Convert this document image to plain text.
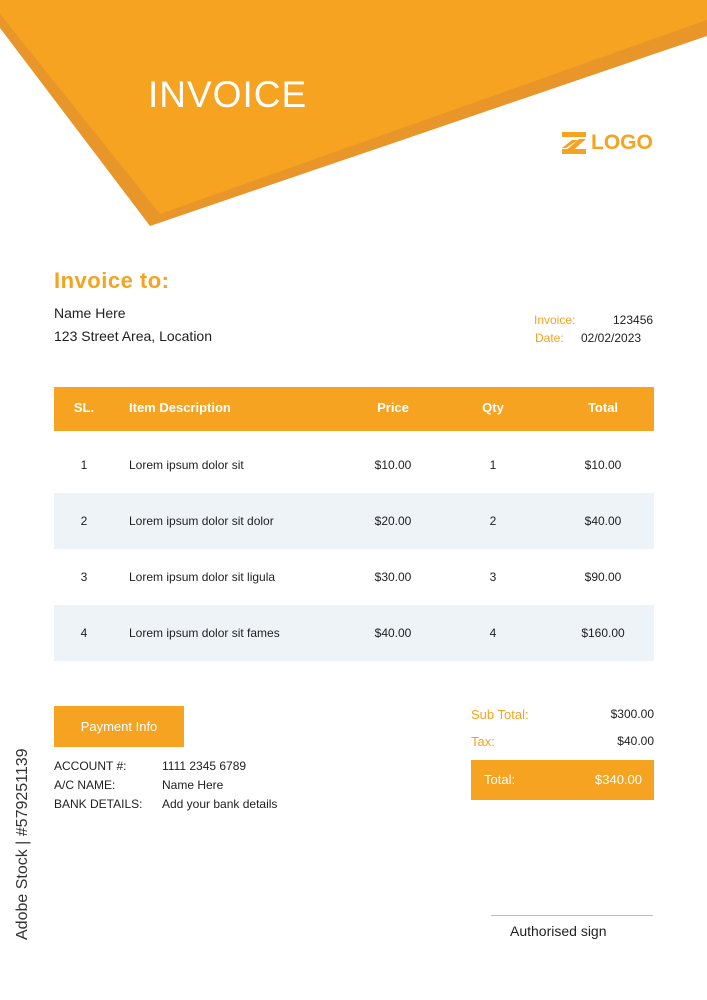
INVOICE
LOGO
Invoice to:
Name Here
123 Street Area, Location
Invoice:	123456
Date: 02/02/2023
SL.	Item Description	Price	Qty	Total
1	Lorem ipsum dolor sit	$10.00	1	$10.00
2	Lorem ipsum dolor sit dolor	$20.00	2	$40.00
3	Lorem ipsum dolor sit ligula	$30.00	3	$90.00
4	Lorem ipsum dolor sit fames	$40.00	4	$160.00
Payment Info
ACCOUNT #:	1111 2345 6789
A/C NAME:	Name Here
BANK DETAILS: Add your bank details
Sub Total:	$300.00
Tax:	$40.00
Total:	$340.00
Authorised sign
Adobe Stock | #579251139
